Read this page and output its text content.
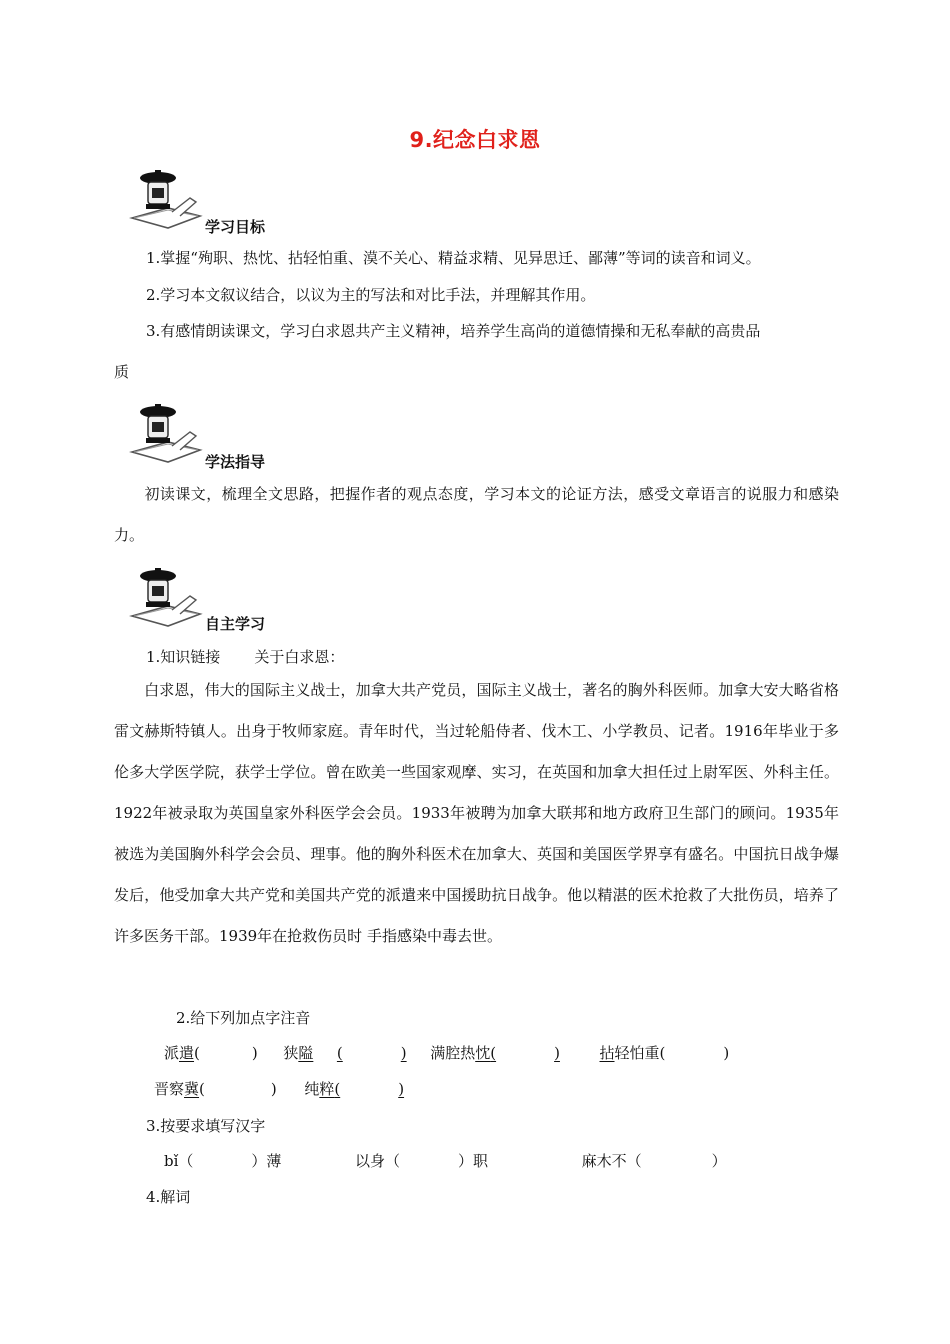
9.纪念白求恩
学习目标
1.掌握“殉职、热忱、拈轻怕重、漠不关心、精益求精、见异思迁、鄙薄”等词的读音和词义。
2.学习本文叙议结合，以议为主的写法和对比手法，并理解其作用。
3.有感情朗读课文，学习白求恩共产主义精神，培养学生高尚的道德情操和无私奉献的高贵品
质
学法指导
初读课文，梳理全文思路，把握作者的观点态度，学习本文的论证方法，感受文章语言的说服力和感染力。
自主学习
1.知识链接 关于白求恩：
白求恩，伟大的国际主义战士，加拿大共产党员，国际主义战士，著名的胸外科医师。加拿大安大略省格雷文赫斯特镇人。出身于牧师家庭。青年时代，当过轮船侍者、伐木工、小学教员、记者。1916年毕业于多伦多大学医学院，获学士学位。曾在欧美一些国家观摩、实习，在英国和加拿大担任过上尉军医、外科主任。1922年被录取为英国皇家外科医学会会员。1933年被聘为加拿大联邦和地方政府卫生部门的顾问。1935年被选为美国胸外科学会会员、理事。他的胸外科医术在加拿大、英国和美国医学界享有盛名。中国抗日战争爆发后，他受加拿大共产党和美国共产党的派遣来中国援助抗日战争。他以精湛的医术抢救了大批伤员，培养了许多医务干部。1939年在抢救伤员时 手指感染中毒去世。
2.给下列加点字注音
派遣(	) 狭隘 (	) 满腔热忱(	)	拈轻怕重(	)
晋察冀(	) 纯粹(	)
3.按要求填写汉字
bǐ（	）薄	以身（	）职	麻木不（	）
4.解词
